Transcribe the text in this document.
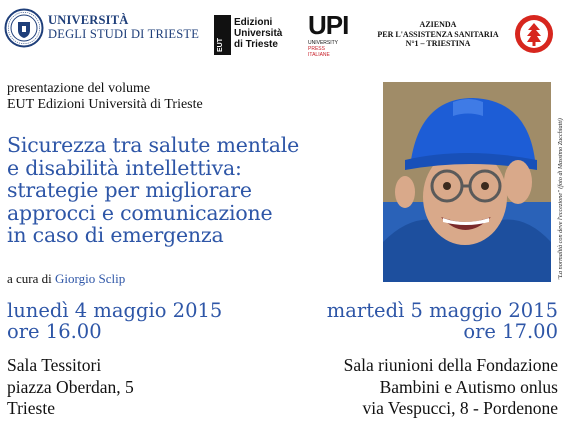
UNIVERSITÀ
DEGLI STUDI DI TRIESTE
EUT
Edizioni
Università
di Trieste
UPI
UNIVERSITY
PRESS ITALIANE
AZIENDA
PER L'ASSISTENZA SANITARIA
N°1 – TRIESTINA
presentazione del volume
EUT Edizioni Università di Trieste
Sicurezza tra salute mentale
e disabilità intellettiva:
strategie per migliorare
approcci e comunicazione
in caso di emergenza
a cura di Giorgio Sclip	"La normalità con deve l'eccezione" (foto di Massimo Zucchiatti)
lunedì 4 maggio 2015
ore 16.00
Sala Tessitori
piazza Oberdan, 5
Trieste
martedì 5 maggio 2015
ore 17.00
Sala riunioni della Fondazione
Bambini e Autismo onlus
via Vespucci, 8 - Pordenone
